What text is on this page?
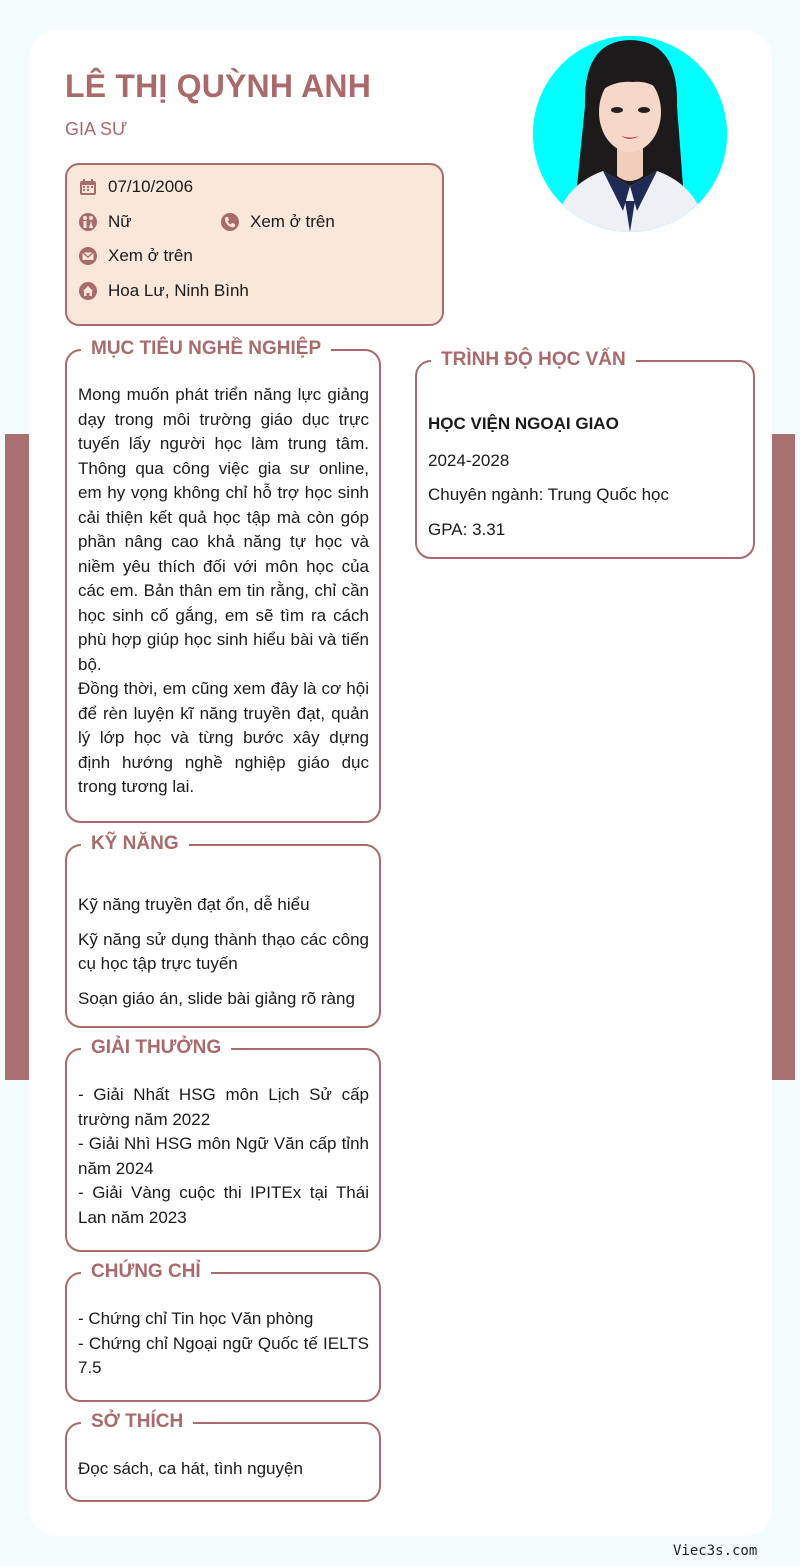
LÊ THỊ QUỲNH ANH
GIA SƯ
07/10/2006
Nữ	Xem ở trên
Xem ở trên
Hoa Lư, Ninh Bình
MỤC TIÊU NGHỀ NGHIỆP
Mong muốn phát triển năng lực giảng dạy trong môi trường giáo dục trực tuyến lấy người học làm trung tâm. Thông qua công việc gia sư online, em hy vọng không chỉ hỗ trợ học sinh cải thiện kết quả học tập mà còn góp phần nâng cao khả năng tự học và niềm yêu thích đối với môn học của các em. Bản thân em tin rằng, chỉ cần học sinh cố gắng, em sẽ tìm ra cách phù hợp giúp học sinh hiểu bài và tiến bộ.
Đồng thời, em cũng xem đây là cơ hội để rèn luyện kĩ năng truyền đạt, quản lý lớp học và từng bước xây dựng định hướng nghề nghiệp giáo dục trong tương lai.
TRÌNH ĐỘ HỌC VẤN
HỌC VIỆN NGOẠI GIAO
2024-2028
Chuyên ngành: Trung Quốc học
GPA: 3.31
KỸ NĂNG
Kỹ năng truyền đạt ổn, dễ hiểu
Kỹ năng sử dụng thành thạo các công cụ học tập trực tuyến
Soạn giáo án, slide bài giảng rõ ràng
GIẢI THƯỞNG
- Giải Nhất HSG môn Lịch Sử cấp trường năm 2022
- Giải Nhì HSG môn Ngữ Văn cấp tỉnh năm 2024
- Giải Vàng cuộc thi IPITEx tại Thái Lan năm 2023
CHỨNG CHỈ
- Chứng chỉ Tin học Văn phòng
- Chứng chỉ Ngoại ngữ Quốc tế IELTS 7.5
SỞ THÍCH
Đọc sách, ca hát, tình nguyện
Viec3s.com
